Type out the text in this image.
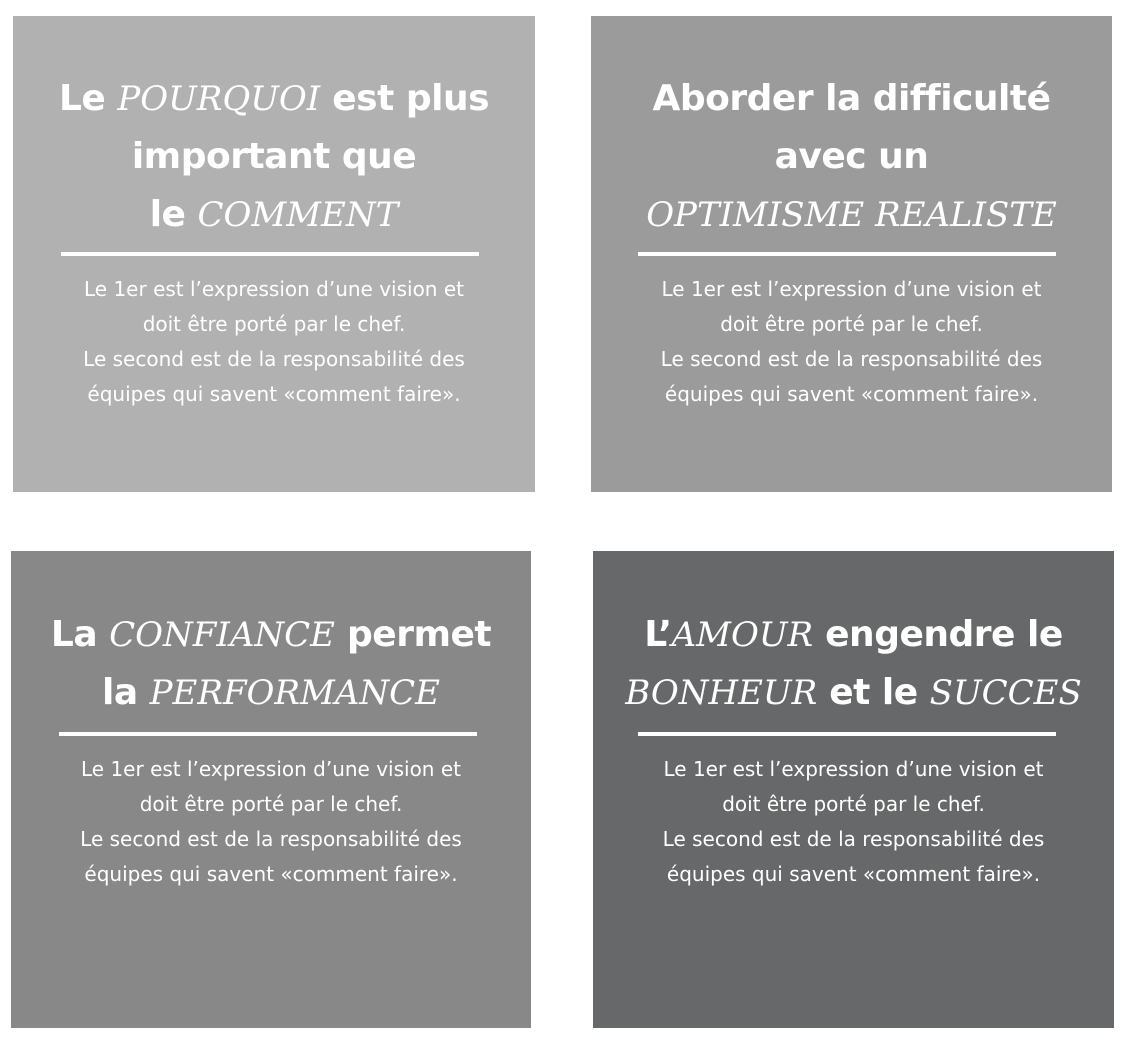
Le POURQUOI est plus
important que
le COMMENT
Le 1er est l’expression d’une vision et
doit être porté par le chef.
Le second est de la responsabilité des
équipes qui savent «comment faire».
Aborder la difficulté
avec un
OPTIMISME REALISTE
Le 1er est l’expression d’une vision et
doit être porté par le chef.
Le second est de la responsabilité des
équipes qui savent «comment faire».
La CONFIANCE permet
la PERFORMANCE
Le 1er est l’expression d’une vision et
doit être porté par le chef.
Le second est de la responsabilité des
équipes qui savent «comment faire».
L’AMOUR engendre le
BONHEUR et le SUCCES
Le 1er est l’expression d’une vision et
doit être porté par le chef.
Le second est de la responsabilité des
équipes qui savent «comment faire».
